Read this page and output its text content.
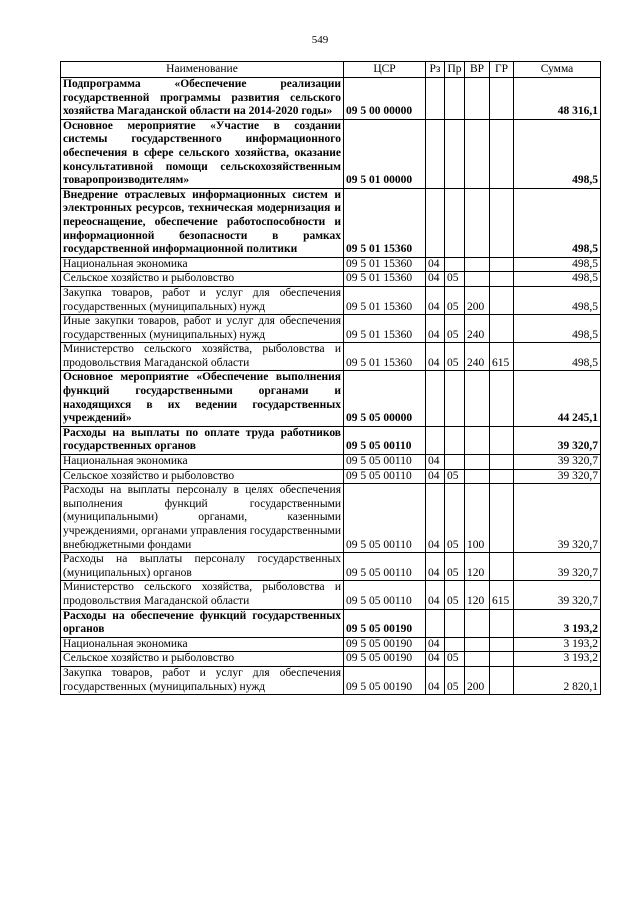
549
Наименование	ЦСР	Рз	Пр	ВР	ГР	Сумма
Подпрограмма «Обеспечение реализации государственной программы развития сельского хозяйства Магаданской области на 2014-2020 годы»	09 5 00 00000					48 316,1
Основное мероприятие «Участие в создании системы государственного информационного обеспечения в сфере сельского хозяйства, оказание консультативной помощи сельскохозяйственным товаропроизводителям»	09 5 01 00000					498,5
Внедрение отраслевых информационных систем и электронных ресурсов, техническая модернизация и переоснащение, обеспечение работоспособности и информационной безопасности в рамках государственной информационной политики	09 5 01 15360					498,5
Национальная экономика	09 5 01 15360	04				498,5
Сельское хозяйство и рыболовство	09 5 01 15360	04	05			498,5
Закупка товаров, работ и услуг для обеспечения государственных (муниципальных) нужд	09 5 01 15360	04	05	200		498,5
Иные закупки товаров, работ и услуг для обеспечения государственных (муниципальных) нужд	09 5 01 15360	04	05	240		498,5
Министерство сельского хозяйства, рыболовства и продовольствия Магаданской области	09 5 01 15360	04	05	240	615	498,5
Основное мероприятие «Обеспечение выполнения функций государственными органами и находящихся в их ведении государственных учреждений»	09 5 05 00000					44 245,1
Расходы на выплаты по оплате труда работников государственных органов	09 5 05 00110					39 320,7
Национальная экономика	09 5 05 00110	04				39 320,7
Сельское хозяйство и рыболовство	09 5 05 00110	04	05			39 320,7
Расходы на выплаты персоналу в целях обеспечения выполнения функций государственными (муниципальными) органами, казенными учреждениями, органами управления государственными внебюджетными фондами	09 5 05 00110	04	05	100		39 320,7
Расходы на выплаты персоналу государственных (муниципальных) органов	09 5 05 00110	04	05	120		39 320,7
Министерство сельского хозяйства, рыболовства и продовольствия Магаданской области	09 5 05 00110	04	05	120	615	39 320,7
Расходы на обеспечение функций государственных органов	09 5 05 00190					3 193,2
Национальная экономика	09 5 05 00190	04				3 193,2
Сельское хозяйство и рыболовство	09 5 05 00190	04	05			3 193,2
Закупка товаров, работ и услуг для обеспечения государственных (муниципальных) нужд	09 5 05 00190	04	05	200		2 820,1
